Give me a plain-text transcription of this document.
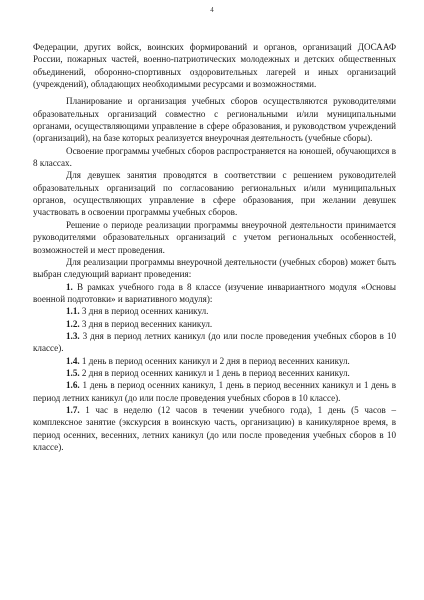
4

Федерации, других войск, воинских формирований и органов, организаций ДОСААФ России, пожарных частей, военно-патриотических молодежных и детских общественных объединений, оборонно-спортивных оздоровительных лагерей и иных организаций (учреждений), обладающих необходимыми ресурсами и возможностями.

Планирование и организация учебных сборов осуществляются руководителями образовательных организаций совместно с региональными и/или муниципальными органами, осуществляющими управление в сфере образования, и руководством учреждений (организаций), на базе которых реализуется внеурочная деятельность (учебные сборы).

Освоение программы учебных сборов распространяется на юношей, обучающихся в 8 классах.

Для девушек занятия проводятся в соответствии с решением руководителей образовательных организаций по согласованию региональных и/или муниципальных органов, осуществляющих управление в сфере образования, при желании девушек участвовать в освоении программы учебных сборов.

Решение о периоде реализации программы внеурочной деятельности принимается руководителями образовательных организаций с учетом региональных особенностей, возможностей и мест проведения.

Для реализации программы внеурочной деятельности (учебных сборов) может быть выбран следующий вариант проведения:

1. В рамках учебного года в 8 классе (изучение инвариантного модуля «Основы военной подготовки» и вариативного модуля):

1.1. 3 дня в период осенних каникул.

1.2. 3 дня в период весенних каникул.

1.3. 3 дня в период летних каникул (до или после проведения учебных сборов в 10 классе).

1.4. 1 день в период осенних каникул и 2 дня в период весенних каникул.

1.5. 2 дня в период осенних каникул и 1 день в период весенних каникул.

1.6. 1 день в период осенних каникул, 1 день в период весенних каникул и 1 день в период летних каникул (до или после проведения учебных сборов в 10 классе).

1.7. 1 час в неделю (12 часов в течении учебного года), 1 день (5 часов – комплексное занятие (экскурсия в воинскую часть, организацию) в каникулярное время, в период осенних, весенних, летних каникул (до или после проведения учебных сборов в 10 классе).
